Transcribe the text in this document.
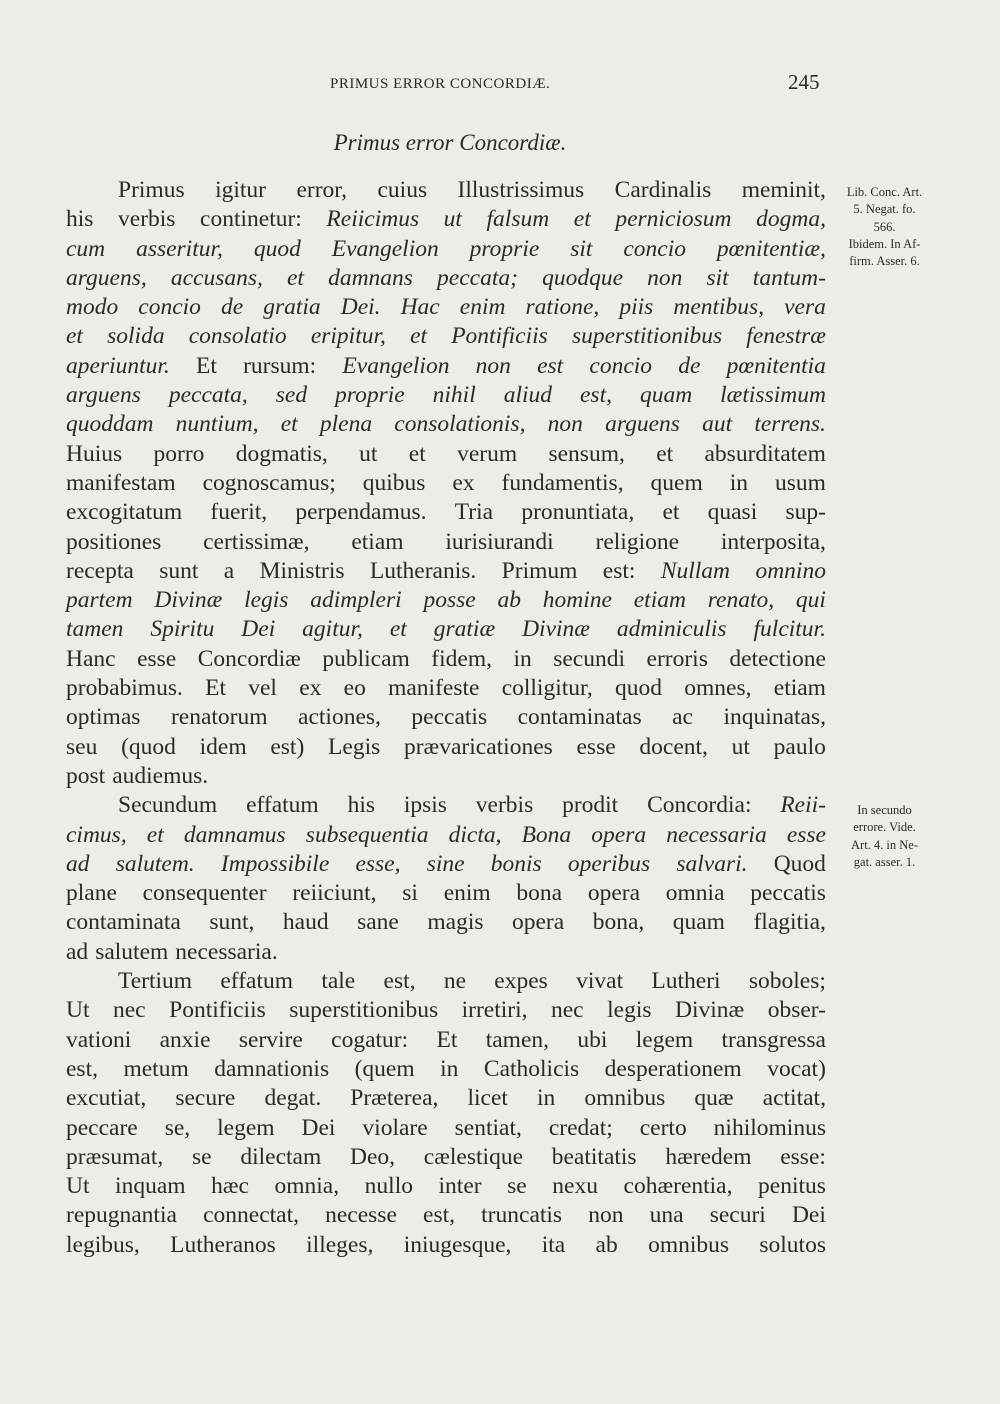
PRIMUS ERROR CONCORDIÆ.	245
Primus error Concordiæ.
Primus igitur error, cuius Illustrissimus Cardinalis meminit,
his verbis continetur: Reiicimus ut falsum et perniciosum dogma,
cum asseritur, quod Evangelion proprie sit concio pœnitentiæ,
arguens, accusans, et damnans peccata; quodque non sit tantum-
modo concio de gratia Dei. Hac enim ratione, piis mentibus, vera
et solida consolatio eripitur, et Pontificiis superstitionibus fenestræ
aperiuntur. Et rursum: Evangelion non est concio de pœnitentia
arguens peccata, sed proprie nihil aliud est, quam lætissimum
quoddam nuntium, et plena consolationis, non arguens aut terrens.
Huius porro dogmatis, ut et verum sensum, et absurditatem
manifestam cognoscamus; quibus ex fundamentis, quem in usum
excogitatum fuerit, perpendamus. Tria pronuntiata, et quasi sup-
positiones certissimæ, etiam iurisiurandi religione interposita,
recepta sunt a Ministris Lutheranis. Primum est: Nullam omnino
partem Divinæ legis adimpleri posse ab homine etiam renato, qui
tamen Spiritu Dei agitur, et gratiæ Divinæ adminiculis fulcitur.
Hanc esse Concordiæ publicam fidem, in secundi erroris detectione
probabimus. Et vel ex eo manifeste colligitur, quod omnes, etiam
optimas renatorum actiones, peccatis contaminatas ac inquinatas,
seu (quod idem est) Legis prævaricationes esse docent, ut paulo
post audiemus.
Secundum effatum his ipsis verbis prodit Concordia: Reii-
cimus, et damnamus subsequentia dicta, Bona opera necessaria esse
ad salutem. Impossibile esse, sine bonis operibus salvari. Quod
plane consequenter reiiciunt, si enim bona opera omnia peccatis
contaminata sunt, haud sane magis opera bona, quam flagitia,
ad salutem necessaria.
Tertium effatum tale est, ne expes vivat Lutheri soboles;
Ut nec Pontificiis superstitionibus irretiri, nec legis Divinæ obser-
vationi anxie servire cogatur: Et tamen, ubi legem transgressa
est, metum damnationis (quem in Catholicis desperationem vocat)
excutiat, secure degat. Præterea, licet in omnibus quæ actitat,
peccare se, legem Dei violare sentiat, credat; certo nihilominus
præsumat, se dilectam Deo, cælestique beatitatis hæredem esse:
Ut inquam hæc omnia, nullo inter se nexu cohærentia, penitus
repugnantia connectat, necesse est, truncatis non una securi Dei
legibus, Lutheranos illeges, iniugesque, ita ab omnibus solutos
Lib. Conc. Art.
5. Negat. fo.
566.
Ibidem. In Af-
firm. Asser. 6.
In secundo
errore. Vide.
Art. 4. in Ne-
gat. asser. 1.
